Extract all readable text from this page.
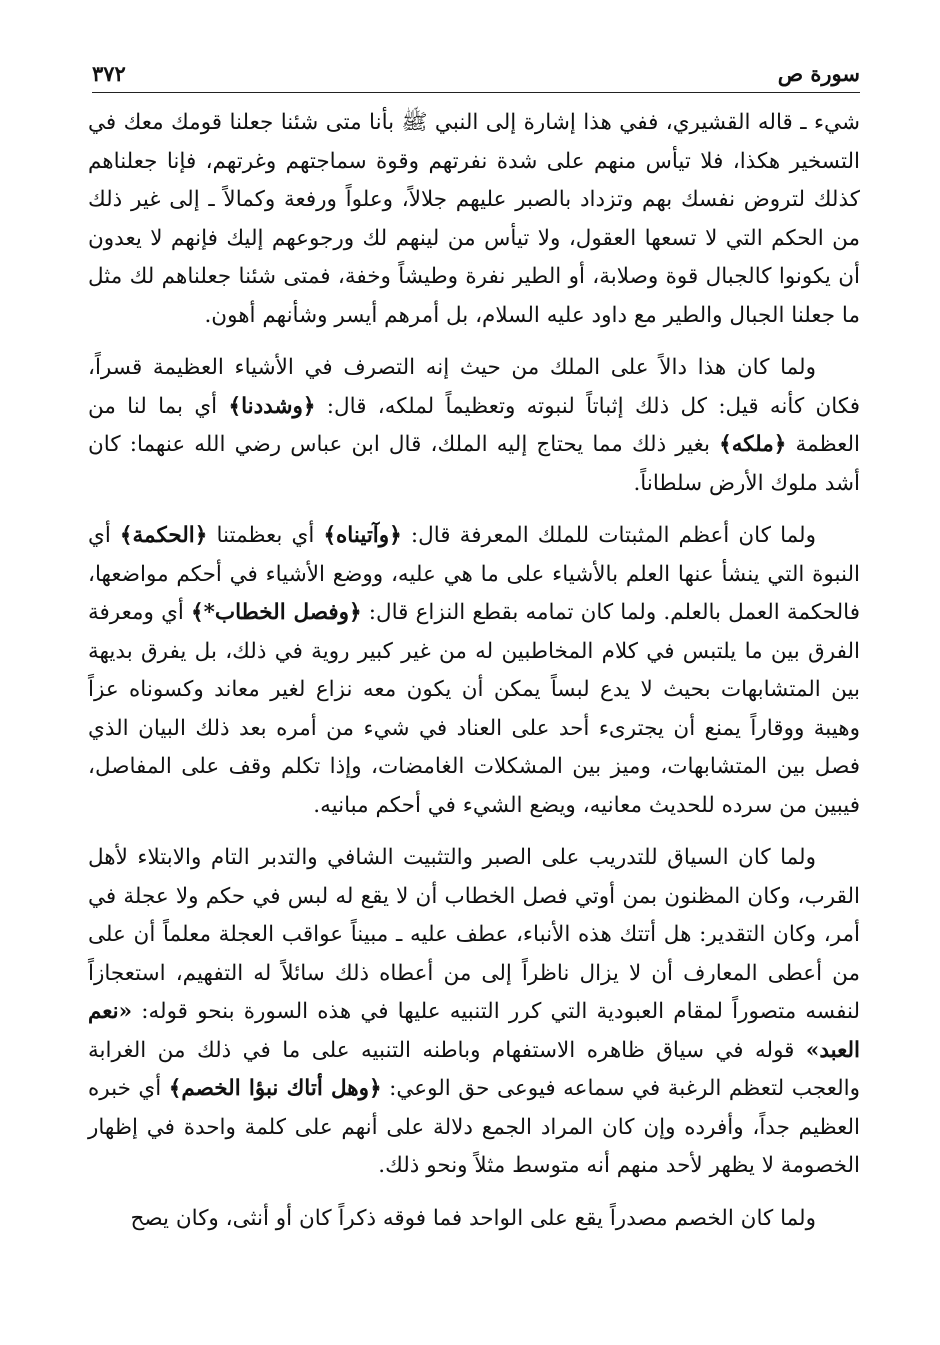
سورة ص
٣٧٢

شيء ـ قاله القشيري، ففي هذا إشارة إلى النبي ﷺ بأنا متى شئنا جعلنا قومك معك في التسخير هكذا، فلا تيأس منهم على شدة نفرتهم وقوة سماجتهم وغرتهم، فإنا جعلناهم كذلك لتروض نفسك بهم وتزداد بالصبر عليهم جلالاً، وعلواً ورفعة وكمالاً ـ إلى غير ذلك من الحكم التي لا تسعها العقول، ولا تيأس من لينهم لك ورجوعهم إليك فإنهم لا يعدون أن يكونوا كالجبال قوة وصلابة، أو الطير نفرة وطيشاً وخفة، فمتى شئنا جعلناهم لك مثل ما جعلنا الجبال والطير مع داود عليه السلام، بل أمرهم أيسر وشأنهم أهون.

ولما كان هذا دالاً على الملك من حيث إنه التصرف في الأشياء العظيمة قسراً، فكان كأنه قيل: كل ذلك إثباتاً لنبوته وتعظيماً لملكه، قال: ﴿وشددنا﴾ أي بما لنا من العظمة ﴿ملكه﴾ بغير ذلك مما يحتاج إليه الملك، قال ابن عباس رضي الله عنهما: كان أشد ملوك الأرض سلطاناً.

ولما كان أعظم المثبتات للملك المعرفة قال: ﴿وآتيناه﴾ أي بعظمتنا ﴿الحكمة﴾ أي النبوة التي ينشأ عنها العلم بالأشياء على ما هي عليه، ووضع الأشياء في أحكم مواضعها، فالحكمة العمل بالعلم. ولما كان تمامه بقطع النزاع قال: ﴿وفصل الخطاب*﴾ أي ومعرفة الفرق بين ما يلتبس في كلام المخاطبين له من غير كبير روية في ذلك، بل يفرق بديهة بين المتشابهات بحيث لا يدع لبساً يمكن أن يكون معه نزاع لغير معاند وكسوناه عزاً وهيبة ووقاراً يمنع أن يجترىء أحد على العناد في شيء من أمره بعد ذلك البيان الذي فصل بين المتشابهات، وميز بين المشكلات الغامضات، وإذا تكلم وقف على المفاصل، فيبين من سرده للحديث معانيه، ويضع الشيء في أحكم مبانيه.

ولما كان السياق للتدريب على الصبر والتثبيت الشافي والتدبر التام والابتلاء لأهل القرب، وكان المظنون بمن أوتي فصل الخطاب أن لا يقع له لبس في حكم ولا عجلة في أمر، وكان التقدير: هل أتتك هذه الأنباء، عطف عليه ـ مبيناً عواقب العجلة معلماً أن على من أعطى المعارف أن لا يزال ناظراً إلى من أعطاه ذلك سائلاً له التفهيم، استعجازاً لنفسه متصوراً لمقام العبودية التي كرر التنبيه عليها في هذه السورة بنحو قوله: «نعم العبد» قوله في سياق ظاهره الاستفهام وباطنه التنبيه على ما في ذلك من الغرابة والعجب لتعظم الرغبة في سماعه فيوعى حق الوعي: ﴿وهل أتاك نبؤا الخصم﴾ أي خبره العظيم جداً، وأفرده وإن كان المراد الجمع دلالة على أنهم على كلمة واحدة في إظهار الخصومة لا يظهر لأحد منهم أنه متوسط مثلاً ونحو ذلك.

ولما كان الخصم مصدراً يقع على الواحد فما فوقه ذكراً كان أو أنثى، وكان يصح
